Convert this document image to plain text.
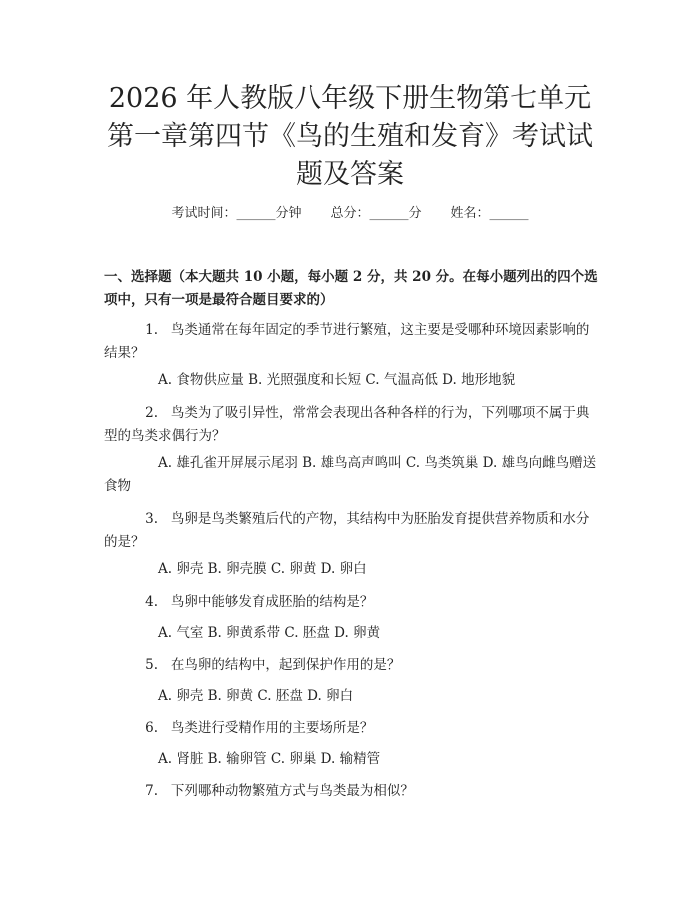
2026 年人教版八年级下册生物第七单元第一章第四节《鸟的生殖和发育》考试试题及答案
考试时间：______分钟 总分：______分 姓名：______
一、选择题（本大题共 10 小题，每小题 2 分，共 20 分。在每小题列出的四个选项中，只有一项是最符合题目要求的）
1. 鸟类通常在每年固定的季节进行繁殖，这主要是受哪种环境因素影响的结果？
A. 食物供应量 B. 光照强度和长短 C. 气温高低 D. 地形地貌
2. 鸟类为了吸引异性，常常会表现出各种各样的行为，下列哪项不属于典型的鸟类求偶行为？
A. 雄孔雀开屏展示尾羽 B. 雄鸟高声鸣叫 C. 鸟类筑巢 D. 雄鸟向雌鸟赠送食物
3. 鸟卵是鸟类繁殖后代的产物，其结构中为胚胎发育提供营养物质和水分的是？
A. 卵壳 B. 卵壳膜 C. 卵黄 D. 卵白
4. 鸟卵中能够发育成胚胎的结构是？
A. 气室 B. 卵黄系带 C. 胚盘 D. 卵黄
5. 在鸟卵的结构中，起到保护作用的是？
A. 卵壳 B. 卵黄 C. 胚盘 D. 卵白
6. 鸟类进行受精作用的主要场所是？
A. 肾脏 B. 输卵管 C. 卵巢 D. 输精管
7. 下列哪种动物繁殖方式与鸟类最为相似？
